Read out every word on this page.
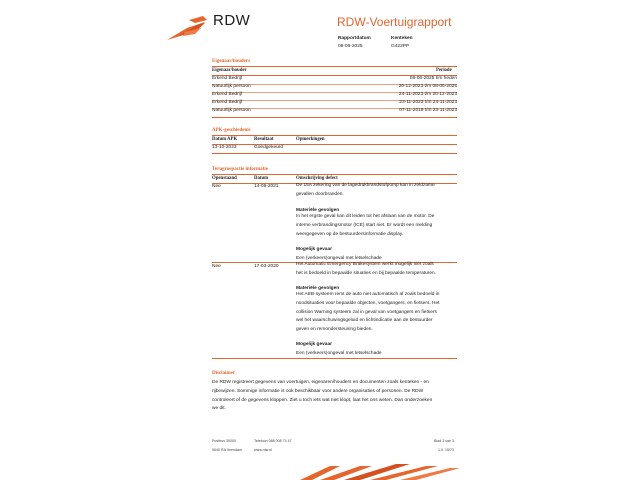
RDW	RDW-Voertuigrapport
Rapportdatum
08-06-2025
Kenteken
G422PP
Eigenaar/houders
Eigenaar/houder	Periode
Erkend Bedrijf	08-06-2025 t/m heden
Natuurlijk persoon	20-12-2023 t/m 08-06-2025
Erkend Bedrijf	24-11-2023 t/m 20-12-2023
Erkend Bedrijf	23-11-2023 t/m 24-11-2023
Natuurlijk persoon	07-11-2019 t/m 23-11-2023
APK-geschiedenis
Datum APK	Resultaat	Opmerkingen
13-10-2023	Goedgekeurd
Terugroepactie informatie
Openstaand	Datum	Omschrijving defect
Nee	14-06-2021	De 15A zekering van de lagedrukbrandstofpomp kan in zeldzame
gevallen doorbranden.
Materiële gevolgen
In het ergste geval kan dit leiden tot het afslaan van de motor. De
interne verbrandingsmotor (ICE) start niet. Er wordt een melding
weergegeven op de bestuurdersinformatie display.
Mogelijk gevaar
Een (verkeers)ongeval met letselschade
Nee	17-03-2020	Het Automatic Emergency Brakesystem werkt mogelijk niet zoals
het is bedoeld in bepaalde situaties en bij bepaalde temperaturen.
Materiële gevolgen
Het AEB-systeem remt de auto niet automatisch af zoals bedoeld in
noodsituaties voor bepaalde objecten, voetgangers, en fietsers. Het
collision Warning systeem zal in geval van voetgangers en fietsers
wel het waarschuwingsgeluid en lichtindicatie aan de bestuurder
geven en remondersteuning bieden.
Mogelijk gevaar
Een (verkeers)ongeval met letselschade
Disclaimer
De RDW registreert gegevens van voertuigen, eigenaren/houders en documenten zoals kenteken - en
rijbewijzen. Sommige informatie is ook beschikbaar voor andere organisaties of personen. De RDW
controleert of de gegevens kloppen. Ziet u toch iets wat niet klopt, laat het ons weten. Dan onderzoeken
we dit.
Postbus 30000
9640 RA Veendam
Telefoon 088 008 74 47
www.rdw.nl
Blad 3 van 3
1.0. 15/73
